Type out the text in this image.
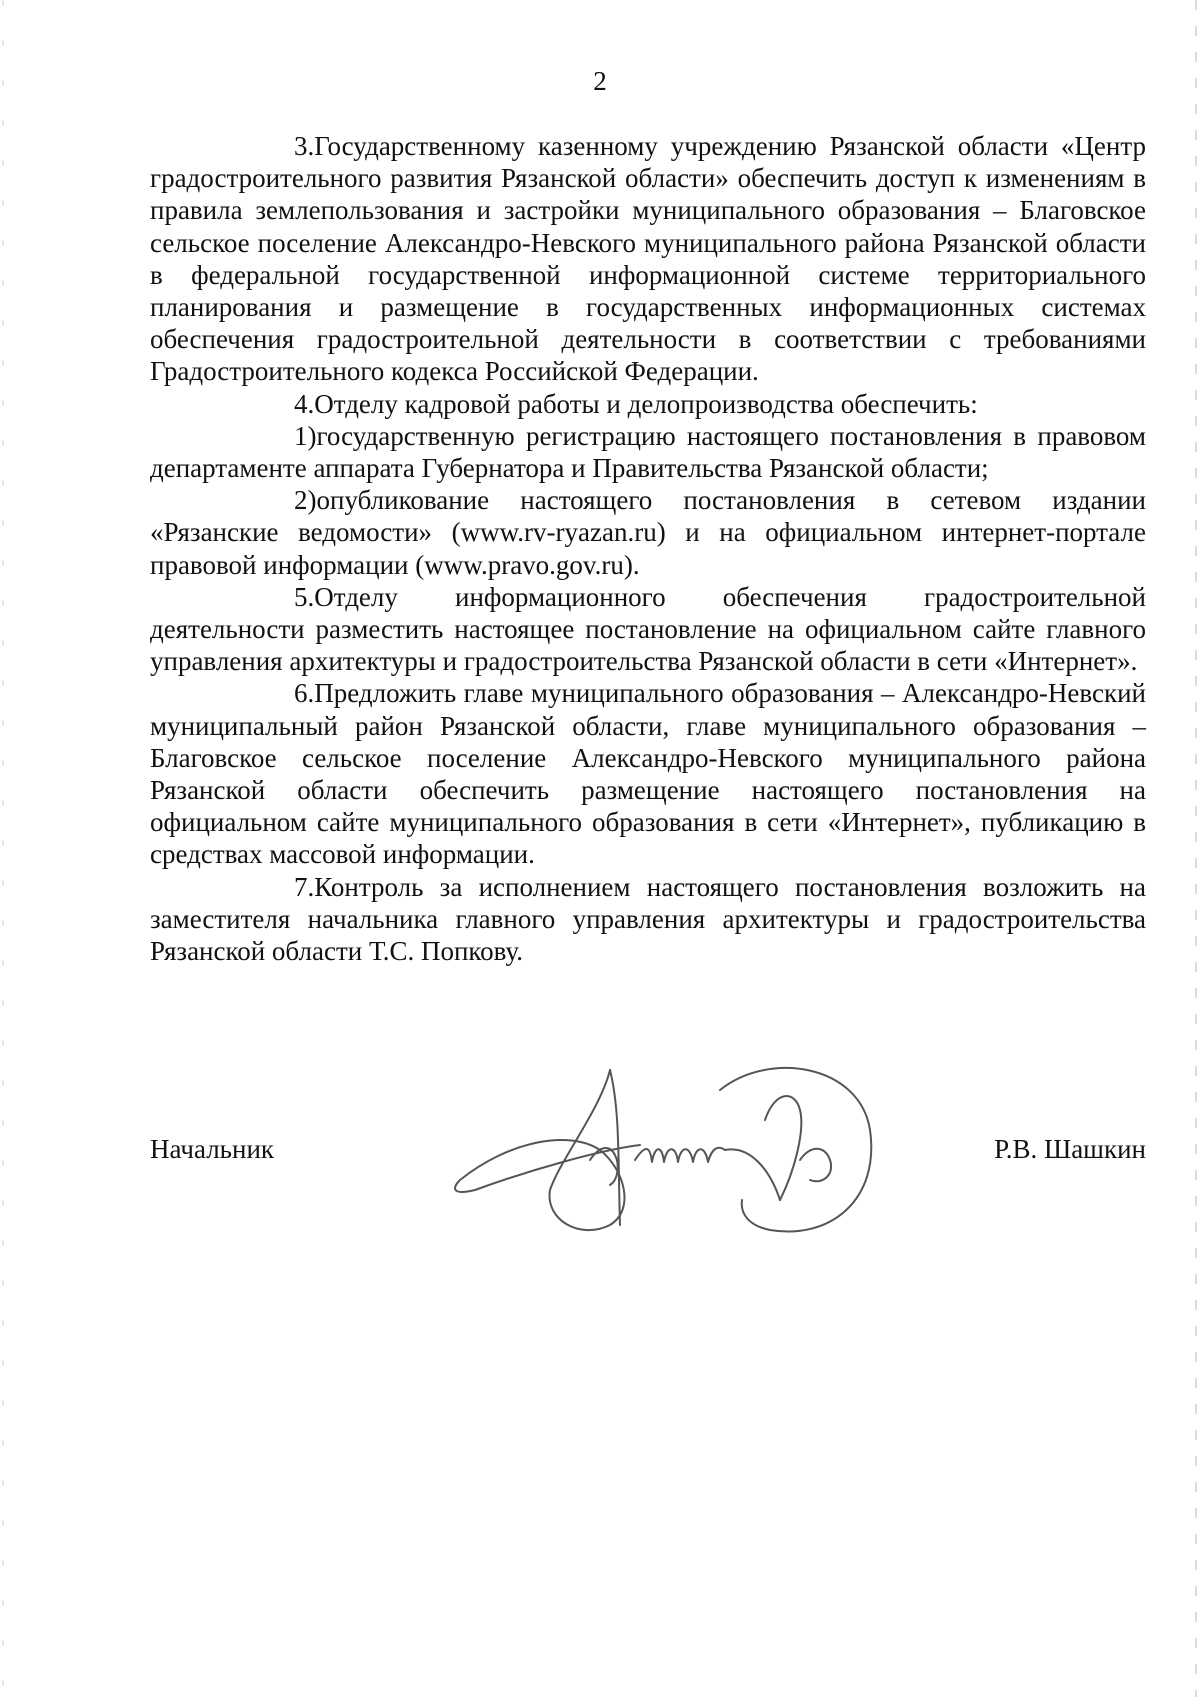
2

3.Государственному казенному учреждению Рязанской области «Центр градостроительного развития Рязанской области» обеспечить доступ к изменениям в правила землепользования и застройки муниципального образования – Благовское сельское поселение Александро-Невского муниципального района Рязанской области в федеральной государственной информационной системе территориального планирования и размещение в государственных информационных системах обеспечения градостроительной деятельности в соответствии с требованиями Градостроительного кодекса Российской Федерации.

4.Отделу кадровой работы и делопроизводства обеспечить:

1)государственную регистрацию настоящего постановления в правовом департаменте аппарата Губернатора и Правительства Рязанской области;

2)опубликование настоящего постановления в сетевом издании «Рязанские ведомости» (www.rv-ryazan.ru) и на официальном интернет-портале правовой информации (www.pravo.gov.ru).

5.Отделу информационного обеспечения градостроительной деятельности разместить настоящее постановление на официальном сайте главного управления архитектуры и градостроительства Рязанской области в сети «Интернет».

6.Предложить главе муниципального образования – Александро-Невский муниципальный район Рязанской области, главе муниципального образования – Благовское сельское поселение Александро-Невского муниципального района Рязанской области обеспечить размещение настоящего постановления на официальном сайте муниципального образования в сети «Интернет», публикацию в средствах массовой информации.

7.Контроль за исполнением настоящего постановления возложить на заместителя начальника главного управления архитектуры и градостроительства Рязанской области Т.С. Попкову.

Начальник	Р.В. Шашкин
